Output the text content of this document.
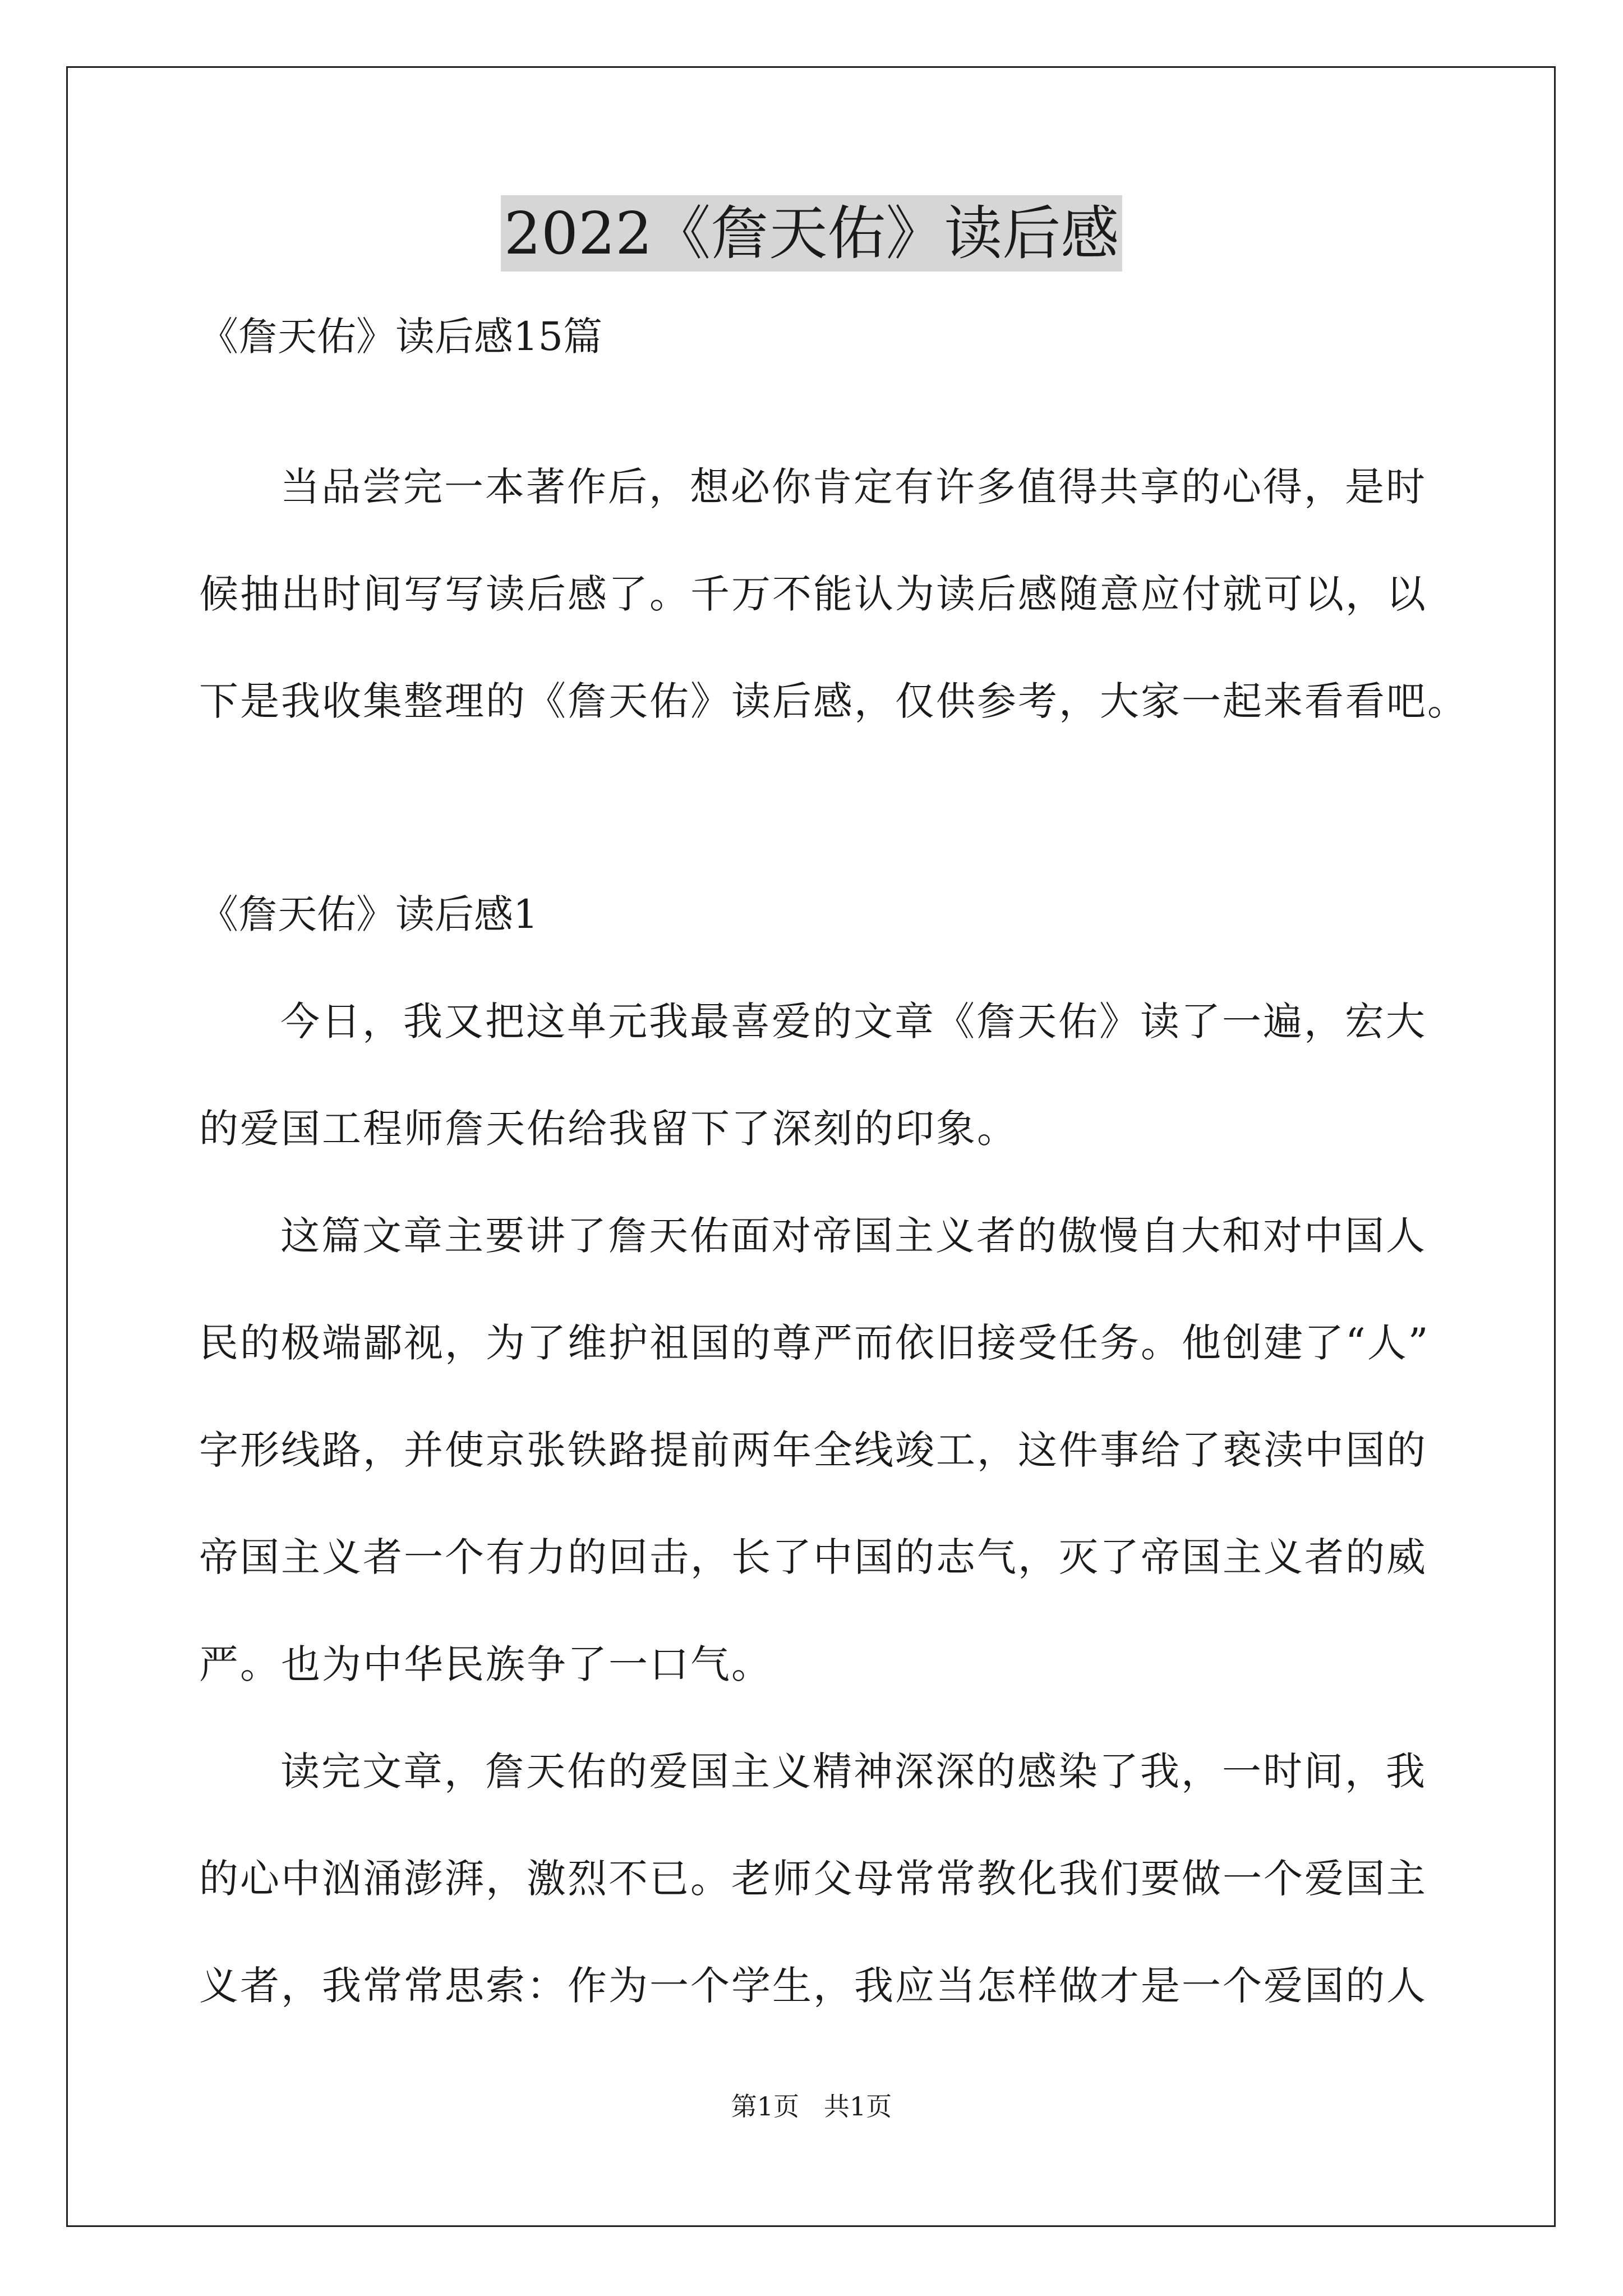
2022《詹天佑》读后感
《詹天佑》读后感15篇
当品尝完一本著作后，想必你肯定有许多值得共享的心得，是时
候抽出时间写写读后感了。千万不能认为读后感随意应付就可以，以
下是我收集整理的《詹天佑》读后感，仅供参考，大家一起来看看吧。
《詹天佑》读后感1
今日，我又把这单元我最喜爱的文章《詹天佑》读了一遍，宏大
的爱国工程师詹天佑给我留下了深刻的印象。
这篇文章主要讲了詹天佑面对帝国主义者的傲慢自大和对中国人
民的极端鄙视，为了维护祖国的尊严而依旧接受任务。他创建了“人”
字形线路，并使京张铁路提前两年全线竣工，这件事给了亵渎中国的
帝国主义者一个有力的回击，长了中国的志气，灭了帝国主义者的威
严。也为中华民族争了一口气。
读完文章，詹天佑的爱国主义精神深深的感染了我，一时间，我
的心中汹涌澎湃，激烈不已。老师父母常常教化我们要做一个爱国主
义者，我常常思索：作为一个学生，我应当怎样做才是一个爱国的人
第1页   共1页
